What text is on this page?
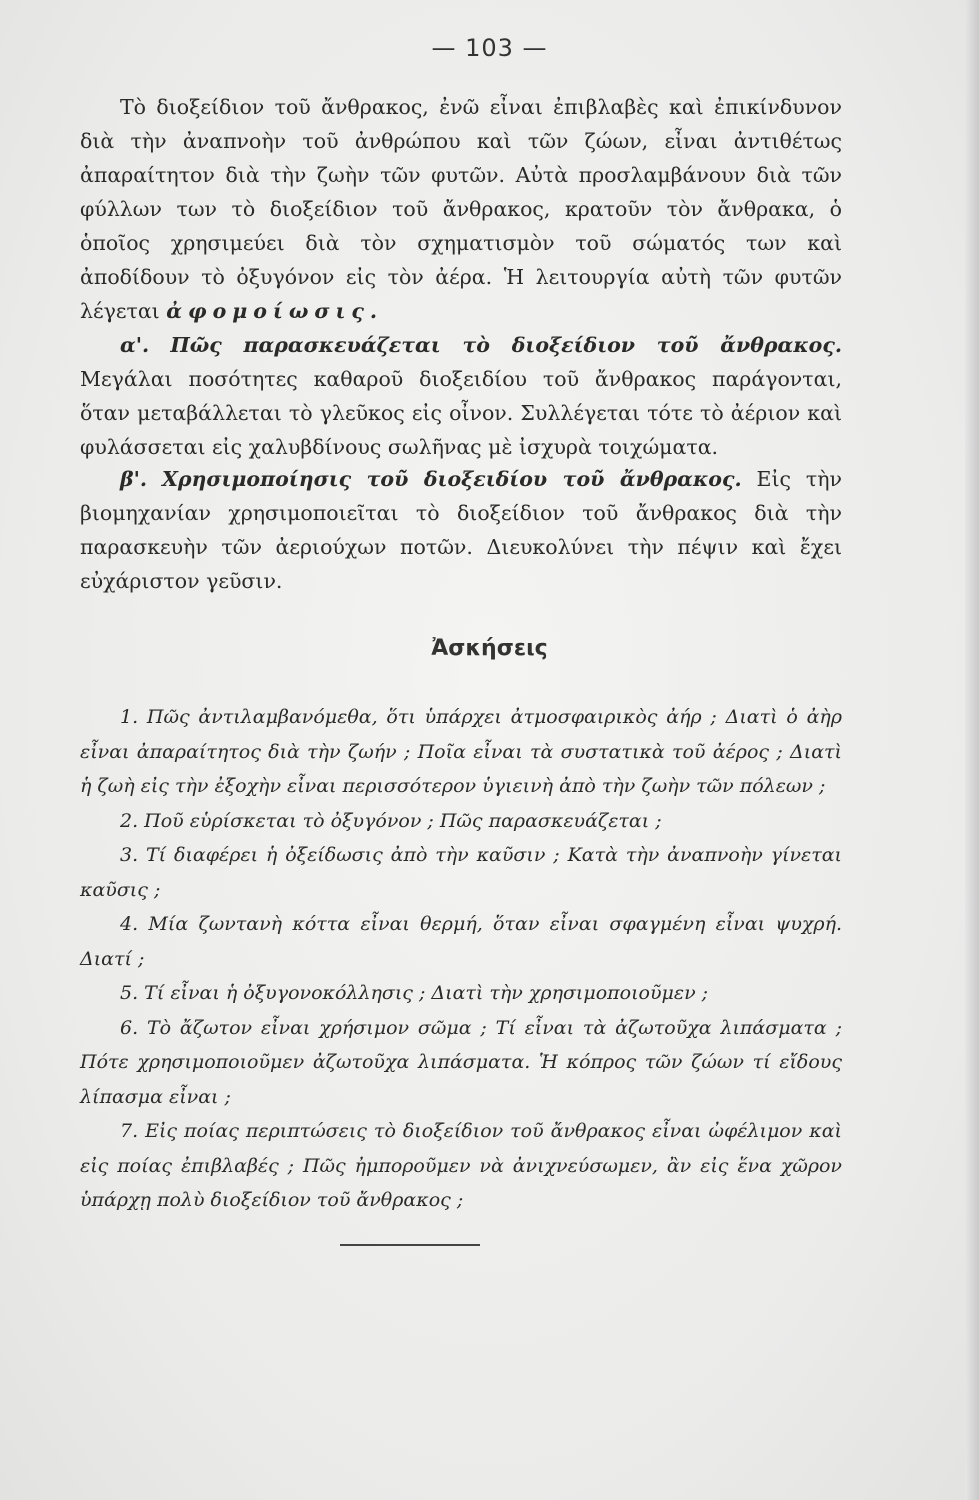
— 103 —

Τὸ διοξείδιον τοῦ ἄνθρακος, ἐνῶ εἶναι ἐπιβλαβὲς καὶ ἐπικίνδυνον διὰ τὴν ἀναπνοὴν τοῦ ἀνθρώπου καὶ τῶν ζώων, εἶναι ἀντιθέτως ἀπαραίτητον διὰ τὴν ζωὴν τῶν φυτῶν. Αὐτὰ προσλαμβάνουν διὰ τῶν φύλλων των τὸ διοξείδιον τοῦ ἄνθρακος, κρατοῦν τὸν ἄνθρακα, ὁ ὁποῖος χρησιμεύει διὰ τὸν σχηματισμὸν τοῦ σώματός των καὶ ἀποδίδουν τὸ ὀξυγόνον εἰς τὸν ἀέρα. Ἡ λειτουργία αὐτὴ τῶν φυτῶν λέγεται ἀφομοίωσις.

α'. Πῶς παρασκευάζεται τὸ διοξείδιον τοῦ ἄνθρακος. Μεγάλαι ποσότητες καθαροῦ διοξειδίου τοῦ ἄνθρακος παράγονται, ὅταν μεταβάλλεται τὸ γλεῦκος εἰς οἶνον. Συλλέγεται τότε τὸ ἀέριον καὶ φυλάσσεται εἰς χαλυβδίνους σωλῆνας μὲ ἰσχυρὰ τοιχώματα.

β'. Χρησιμοποίησις τοῦ διοξειδίου τοῦ ἄνθρακος. Εἰς τὴν βιομηχανίαν χρησιμοποιεῖται τὸ διοξείδιον τοῦ ἄνθρακος διὰ τὴν παρασκευὴν τῶν ἀεριούχων ποτῶν. Διευκολύνει τὴν πέψιν καὶ ἔχει εὐχάριστον γεῦσιν.

Ἀσκήσεις

1. Πῶς ἀντιλαμβανόμεθα, ὅτι ὑπάρχει ἀτμοσφαιρικὸς ἀήρ ; Διατὶ ὁ ἀὴρ εἶναι ἀπαραίτητος διὰ τὴν ζωήν ; Ποῖα εἶναι τὰ συστατικὰ τοῦ ἀέρος ; Διατὶ ἡ ζωὴ εἰς τὴν ἐξοχὴν εἶναι περισσότερον ὑγιεινὴ ἀπὸ τὴν ζωὴν τῶν πόλεων ;

2. Ποῦ εὑρίσκεται τὸ ὀξυγόνον ; Πῶς παρασκευάζεται ;

3. Τί διαφέρει ἡ ὀξείδωσις ἀπὸ τὴν καῦσιν ; Κατὰ τὴν ἀναπνοὴν γίνεται καῦσις ;

4. Μία ζωντανὴ κόττα εἶναι θερμή, ὅταν εἶναι σφαγμένη εἶναι ψυχρή. Διατί ;

5. Τί εἶναι ἡ ὀξυγονοκόλλησις ; Διατὶ τὴν χρησιμοποιοῦμεν ;

6. Τὸ ἄζωτον εἶναι χρήσιμον σῶμα ; Τί εἶναι τὰ ἀζωτοῦχα λιπάσματα ; Πότε χρησιμοποιοῦμεν ἀζωτοῦχα λιπάσματα. Ἡ κόπρος τῶν ζώων τί εἴδους λίπασμα εἶναι ;

7. Εἰς ποίας περιπτώσεις τὸ διοξείδιον τοῦ ἄνθρακος εἶναι ὠφέλιμον καὶ εἰς ποίας ἐπιβλαβές ; Πῶς ἠμποροῦμεν νὰ ἀνιχνεύσωμεν, ἂν εἰς ἕνα χῶρον ὑπάρχῃ πολὺ διοξείδιον τοῦ ἄνθρακος ;
